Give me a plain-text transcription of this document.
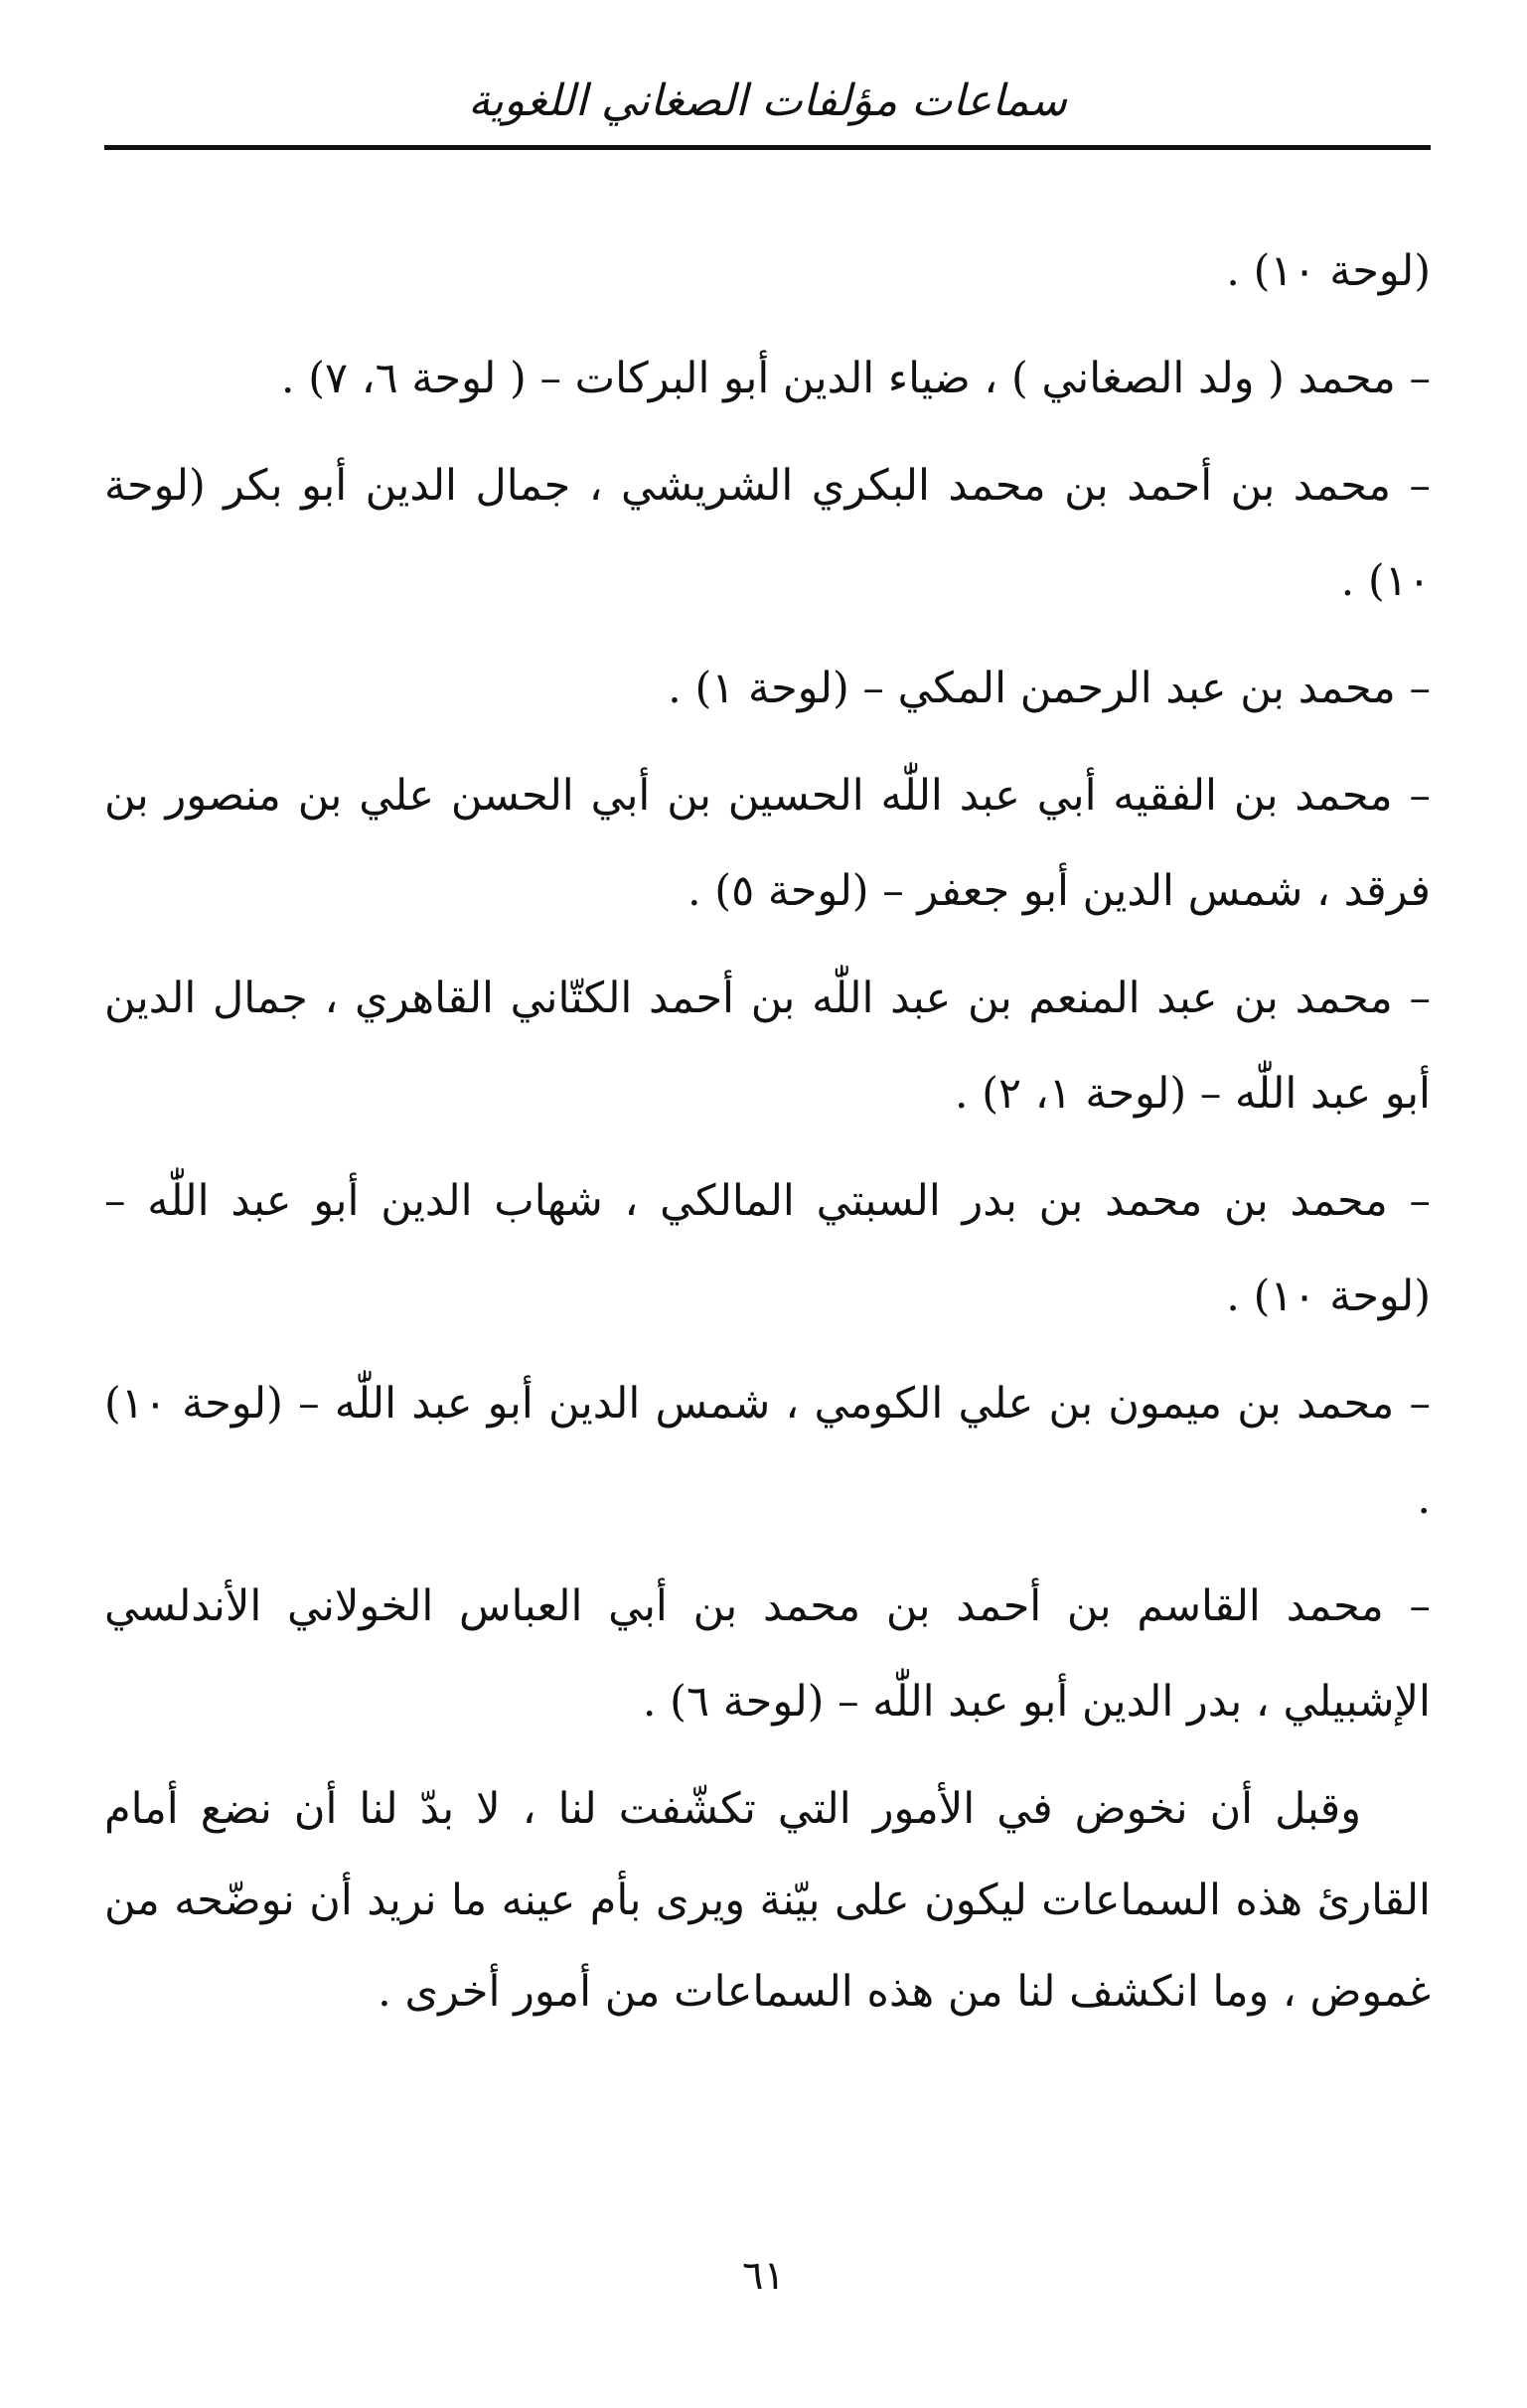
سماعات مؤلفات الصغاني اللغوية

(لوحة ١٠) .

– محمد ( ولد الصغاني ) ، ضياء الدين أبو البركات – ( لوحة ٦، ٧) .

– محمد بن أحمد بن محمد البكري الشريشي ، جمال الدين أبو بكر (لوحة ١٠) .

– محمد بن عبد الرحمن المكي – (لوحة ١) .

– محمد بن الفقيه أبي عبد اللّٰه الحسين بن أبي الحسن علي بن منصور بن فرقد ، شمس الدين أبو جعفر – (لوحة ٥) .

– محمد بن عبد المنعم بن عبد اللّٰه بن أحمد الكتّاني القاهري ، جمال الدين أبو عبد اللّٰه – (لوحة ١، ٢) .

– محمد بن محمد بن بدر السبتي المالكي ، شهاب الدين أبو عبد اللّٰه – (لوحة ١٠) .

– محمد بن ميمون بن علي الكومي ، شمس الدين أبو عبد اللّٰه – (لوحة ١٠) .

– محمد القاسم بن أحمد بن محمد بن أبي العباس الخولاني الأندلسي الإشبيلي ، بدر الدين أبو عبد اللّٰه – (لوحة ٦) .

وقبل أن نخوض في الأمور التي تكشّفت لنا ، لا بدّ لنا أن نضع أمام القارئ هذه السماعات ليكون على بيّنة ويرى بأم عينه ما نريد أن نوضّحه من غموض ، وما انكشف لنا من هذه السماعات من أمور أخرى .

٦١
